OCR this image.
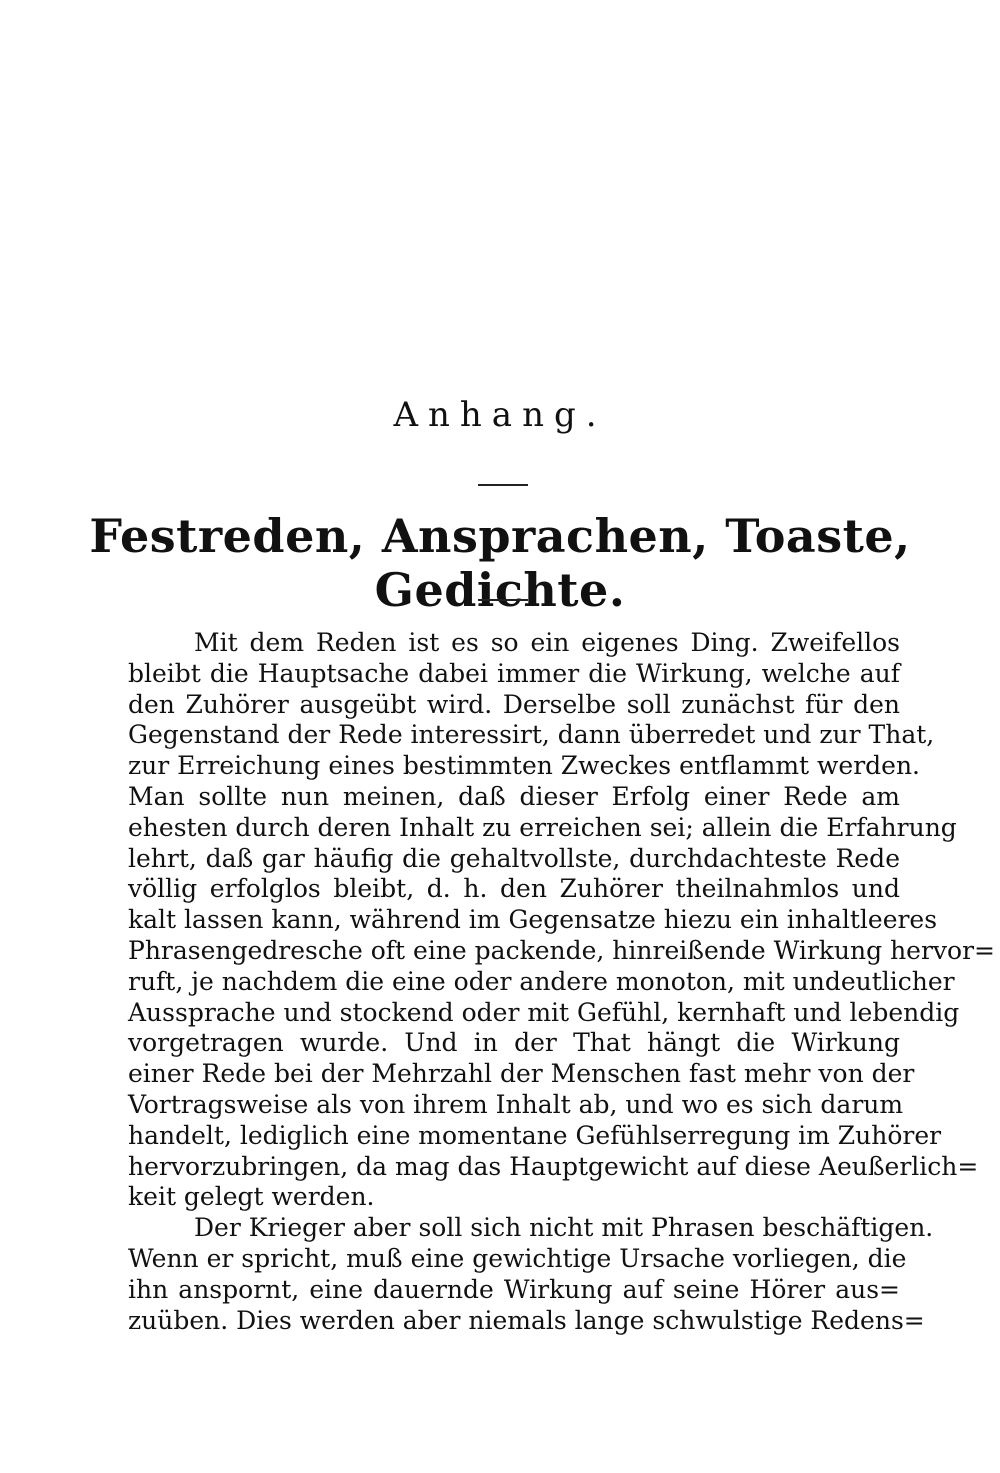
Anhang.
Festreden, Ansprachen, Toaste, Gedichte.
Mit dem Reden ist es so ein eigenes Ding. Zweifellos
bleibt die Hauptsache dabei immer die Wirkung, welche auf
den Zuhörer ausgeübt wird. Derselbe soll zunächst für den
Gegenstand der Rede interessirt, dann überredet und zur That,
zur Erreichung eines bestimmten Zweckes entflammt werden.
Man sollte nun meinen, daß dieser Erfolg einer Rede am
ehesten durch deren Inhalt zu erreichen sei; allein die Erfahrung
lehrt, daß gar häufig die gehaltvollste, durchdachteste Rede
völlig erfolglos bleibt, d. h. den Zuhörer theilnahmlos und
kalt lassen kann, während im Gegensatze hiezu ein inhaltleeres
Phrasengedresche oft eine packende, hinreißende Wirkung hervor=
ruft, je nachdem die eine oder andere monoton, mit undeutlicher
Aussprache und stockend oder mit Gefühl, kernhaft und lebendig
vorgetragen wurde. Und in der That hängt die Wirkung
einer Rede bei der Mehrzahl der Menschen fast mehr von der
Vortragsweise als von ihrem Inhalt ab, und wo es sich darum
handelt, lediglich eine momentane Gefühlserregung im Zuhörer
hervorzubringen, da mag das Hauptgewicht auf diese Aeußerlich=
keit gelegt werden.
Der Krieger aber soll sich nicht mit Phrasen beschäftigen.
Wenn er spricht, muß eine gewichtige Ursache vorliegen, die
ihn anspornt, eine dauernde Wirkung auf seine Hörer aus=
zuüben. Dies werden aber niemals lange schwulstige Redens=
